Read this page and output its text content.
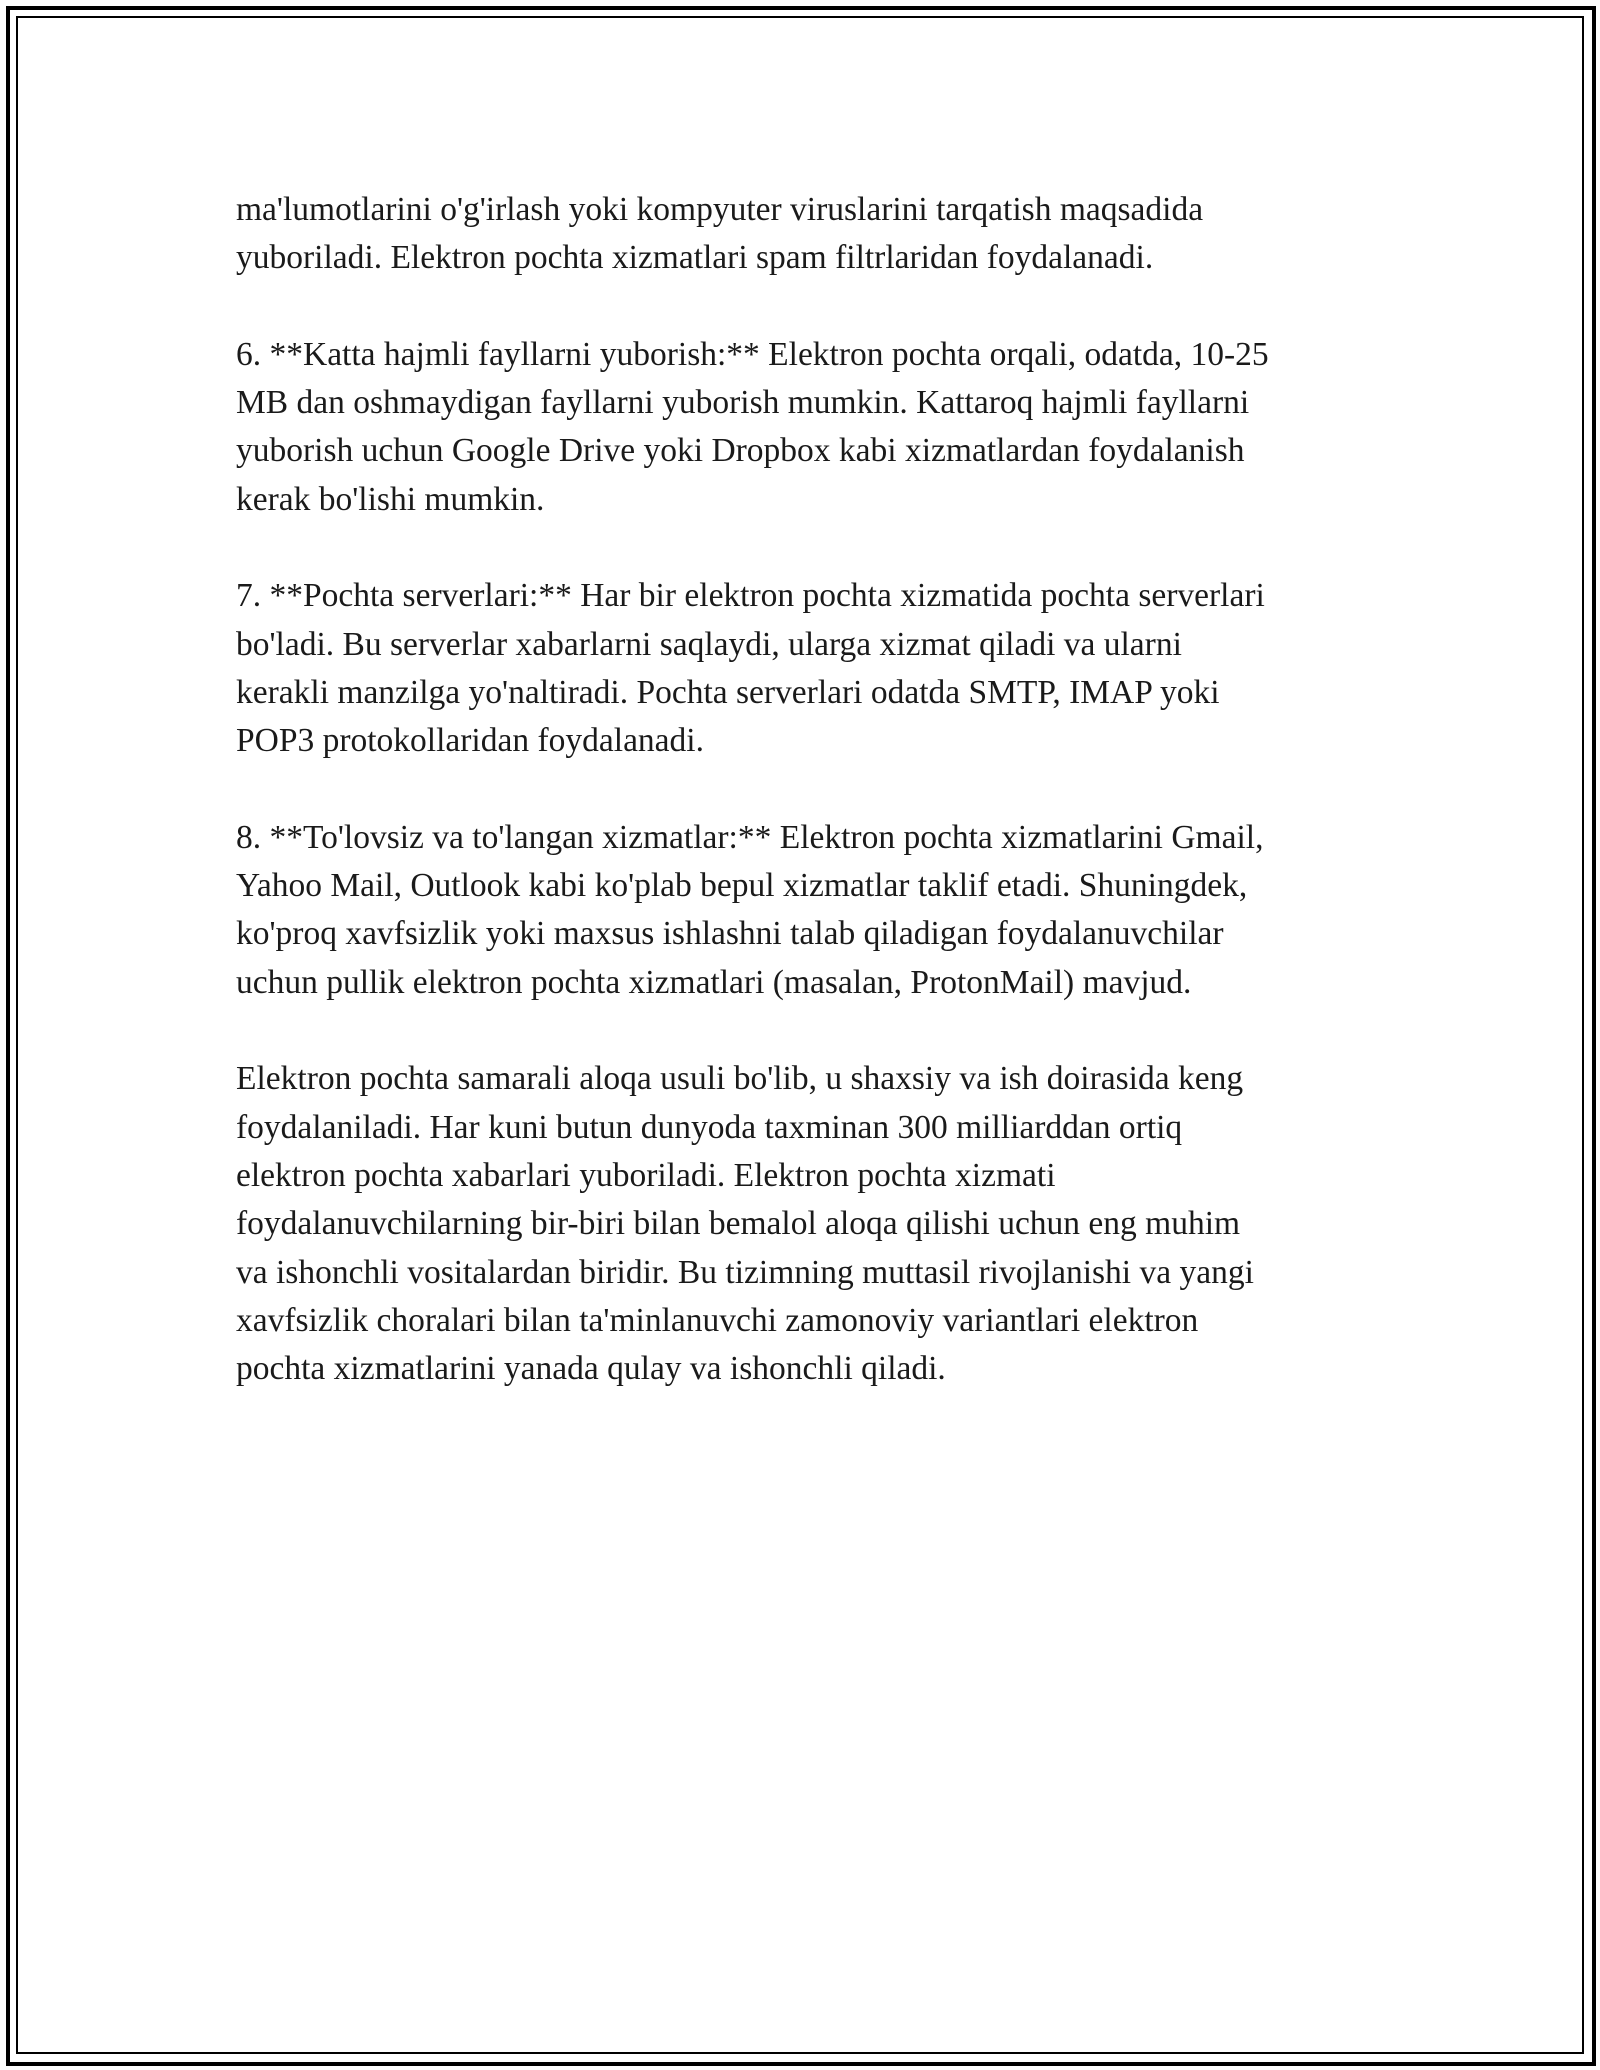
ma'lumotlarini o'g'irlash yoki kompyuter viruslarini tarqatish maqsadida
yuboriladi. Elektron pochta xizmatlari spam filtrlaridan foydalanadi.

6. **Katta hajmli fayllarni yuborish:** Elektron pochta orqali, odatda, 10-25
MB dan oshmaydigan fayllarni yuborish mumkin. Kattaroq hajmli fayllarni
yuborish uchun Google Drive yoki Dropbox kabi xizmatlardan foydalanish
kerak bo'lishi mumkin.

7. **Pochta serverlari:** Har bir elektron pochta xizmatida pochta serverlari
bo'ladi. Bu serverlar xabarlarni saqlaydi, ularga xizmat qiladi va ularni
kerakli manzilga yo'naltiradi. Pochta serverlari odatda SMTP, IMAP yoki
POP3 protokollaridan foydalanadi.

8. **To'lovsiz va to'langan xizmatlar:** Elektron pochta xizmatlarini Gmail,
Yahoo Mail, Outlook kabi ko'plab bepul xizmatlar taklif etadi. Shuningdek,
ko'proq xavfsizlik yoki maxsus ishlashni talab qiladigan foydalanuvchilar
uchun pullik elektron pochta xizmatlari (masalan, ProtonMail) mavjud.

Elektron pochta samarali aloqa usuli bo'lib, u shaxsiy va ish doirasida keng
foydalaniladi. Har kuni butun dunyoda taxminan 300 milliarddan ortiq
elektron pochta xabarlari yuboriladi. Elektron pochta xizmati
foydalanuvchilarning bir-biri bilan bemalol aloqa qilishi uchun eng muhim
va ishonchli vositalardan biridir. Bu tizimning muttasil rivojlanishi va yangi
xavfsizlik choralari bilan ta'minlanuvchi zamonoviy variantlari elektron
pochta xizmatlarini yanada qulay va ishonchli qiladi.
